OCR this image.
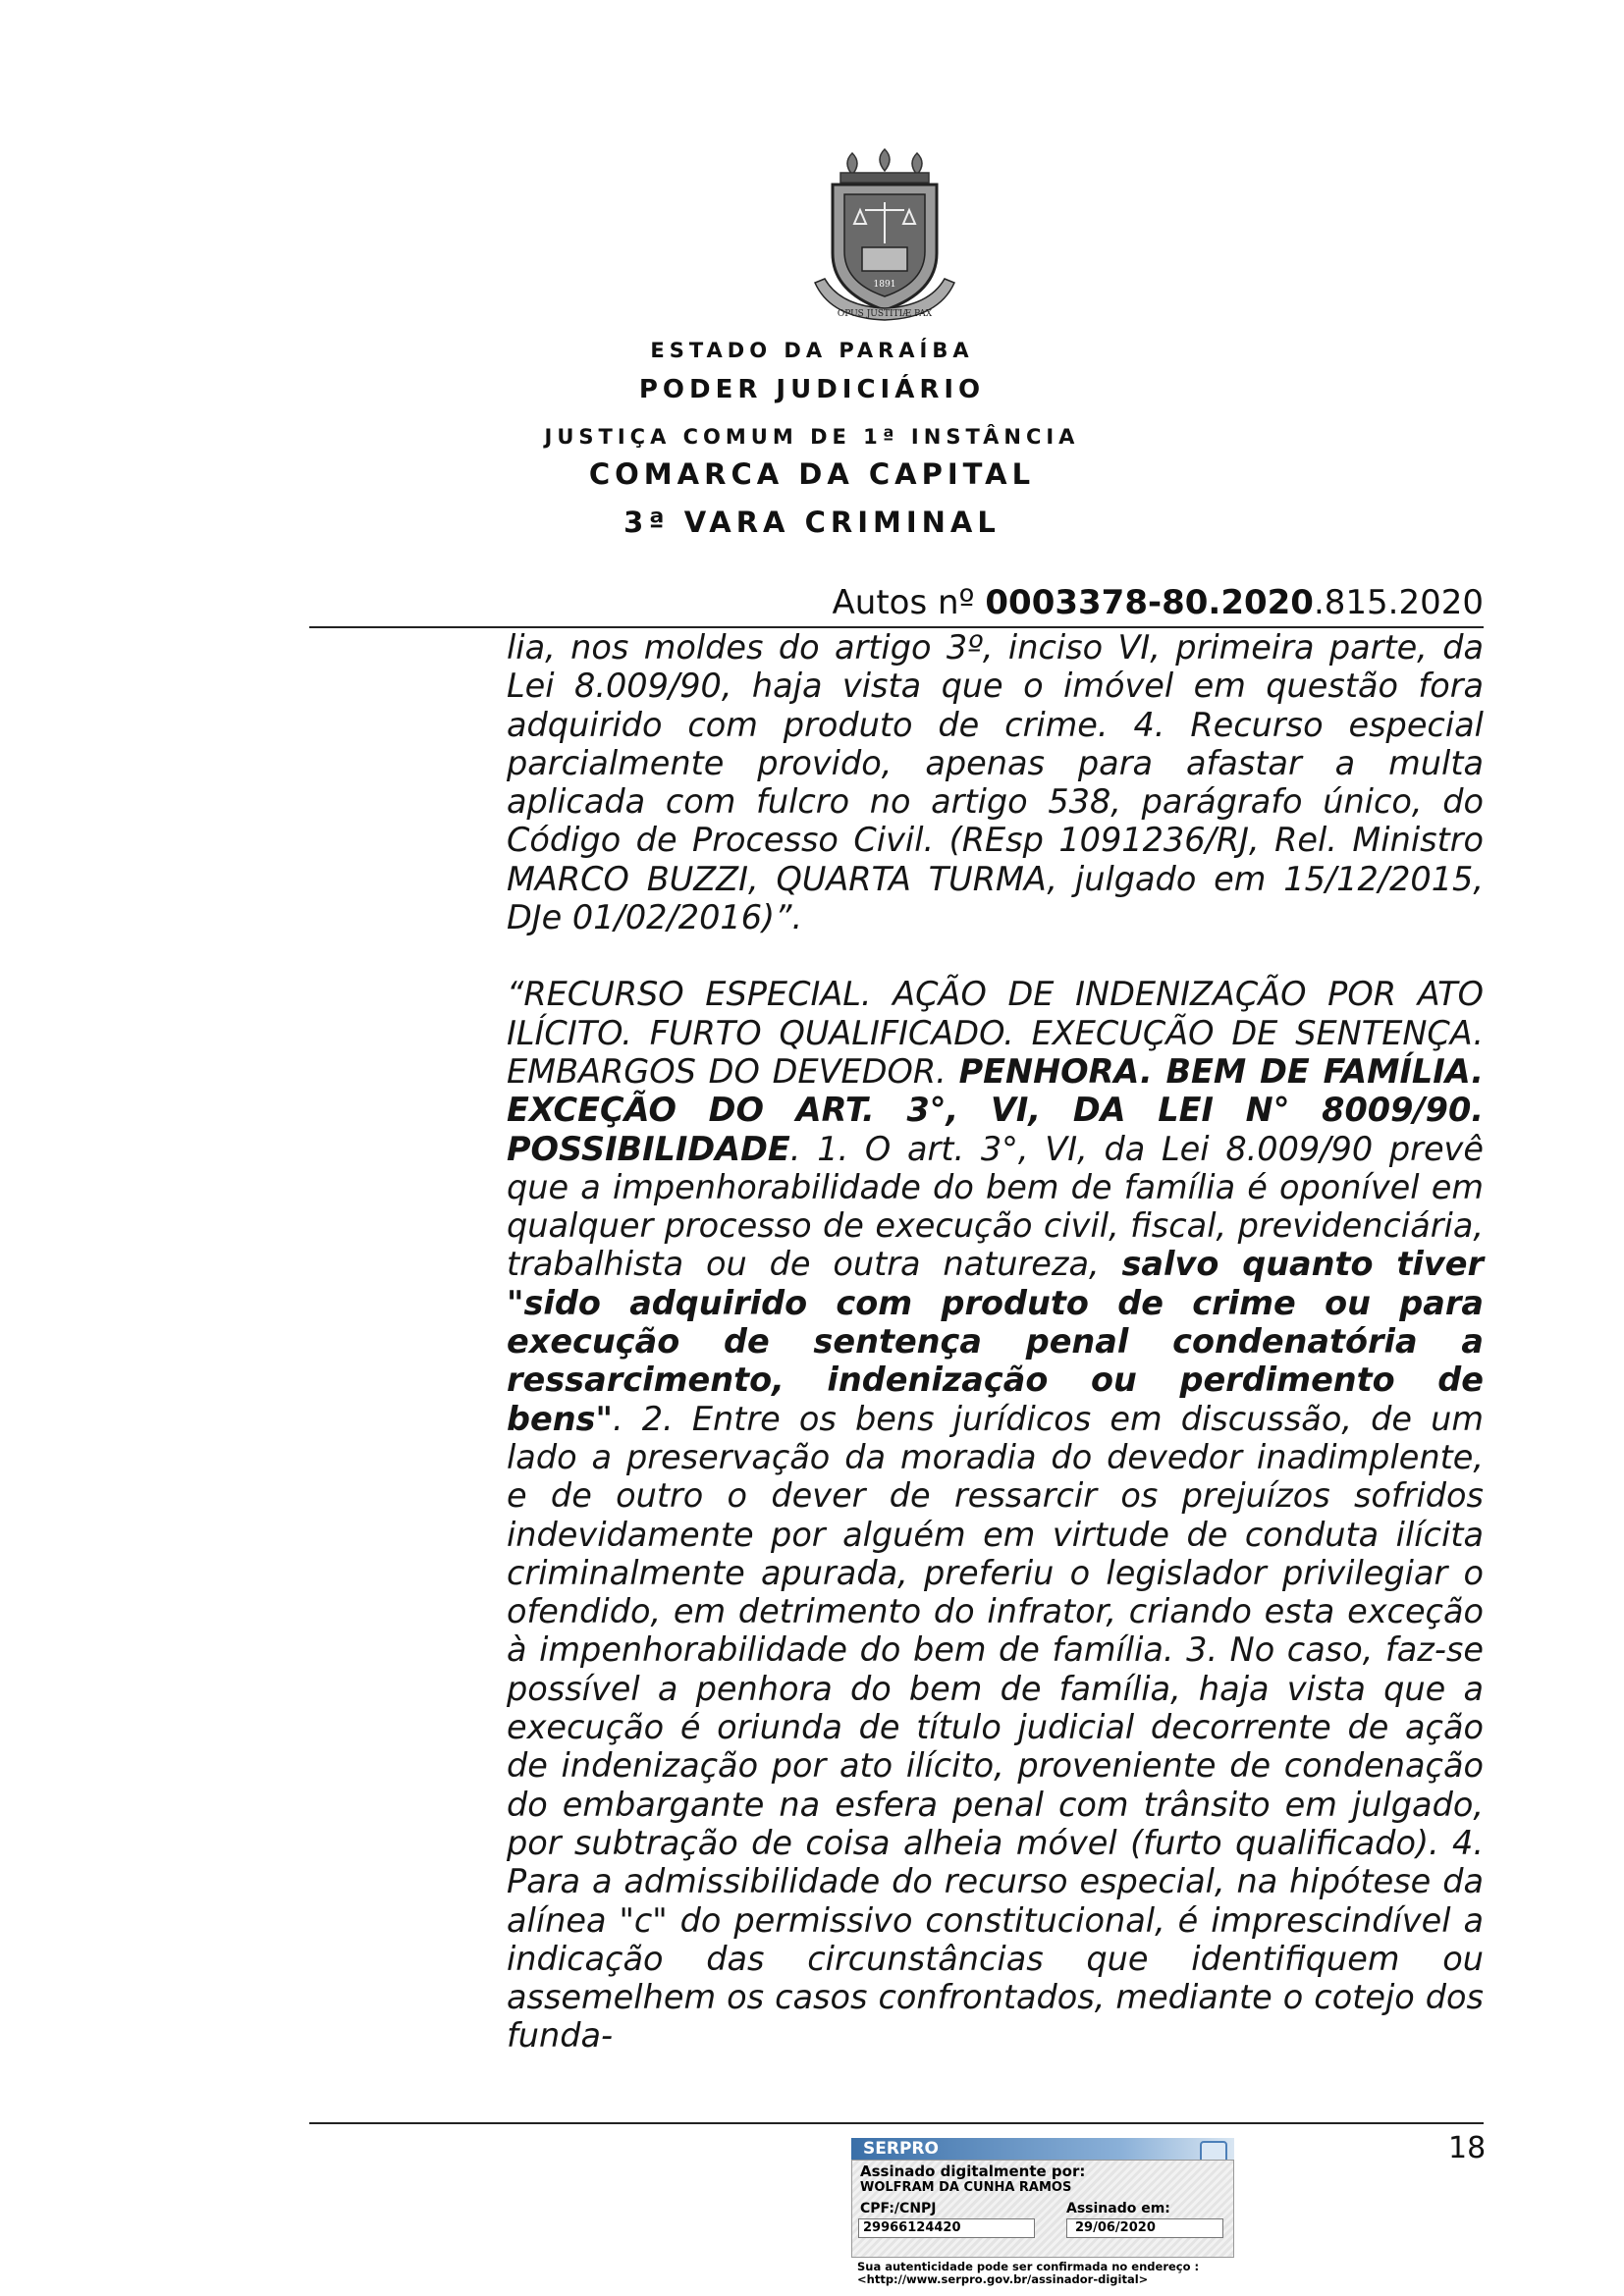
1891
OPUS JUSTITIÆ PAX
ESTADO DA PARAÍBA
PODER JUDICIÁRIO
JUSTIÇA COMUM DE 1ª INSTÂNCIA
COMARCA DA CAPITAL
3ª VARA CRIMINAL
Autos nº 0003378-80.2020.815.2020

lia, nos moldes do artigo 3º, inciso VI, primeira parte, da Lei 8.009/90, haja vista que o imóvel em questão fora adquirido com produto de crime. 4. Recurso especial parcialmente provido, apenas para afastar a multa aplicada com fulcro no artigo 538, parágrafo único, do Código de Processo Civil. (REsp 1091236/RJ, Rel. Ministro MARCO BUZZI, QUARTA TURMA, julgado em 15/12/2015, DJe 01/02/2016)”.

“RECURSO ESPECIAL. AÇÃO DE INDENIZAÇÃO POR ATO ILÍCITO. FURTO QUALIFICADO. EXECUÇÃO DE SENTENÇA. EMBARGOS DO DEVEDOR. PENHORA. BEM DE FAMÍLIA. EXCEÇÃO DO ART. 3°, VI, DA LEI N° 8009/90. POSSIBILIDADE. 1. O art. 3°, VI, da Lei 8.009/90 prevê que a impenhorabilidade do bem de família é oponível em qualquer processo de execução civil, fiscal, previdenciária, trabalhista ou de outra natureza, salvo quanto tiver "sido adquirido com produto de crime ou para execução de sentença penal condenatória a ressarcimento, indenização ou perdimento de bens". 2. Entre os bens jurídicos em discussão, de um lado a preservação da moradia do devedor inadimplente, e de outro o dever de ressarcir os prejuízos sofridos indevidamente por alguém em virtude de conduta ilícita criminalmente apurada, preferiu o legislador privilegiar o ofendido, em detrimento do infrator, criando esta exceção à impenhorabilidade do bem de família. 3. No caso, faz-se possível a penhora do bem de família, haja vista que a execução é oriunda de título judicial decorrente de ação de indenização por ato ilícito, proveniente de condenação do embargante na esfera penal com trânsito em julgado, por subtração de coisa alheia móvel (furto qualificado). 4. Para a admissibilidade do recurso especial, na hipótese da alínea "c" do permissivo constitucional, é imprescindível a indicação das circunstâncias que identifiquem ou assemelhem os casos confrontados, mediante o cotejo dos funda-

18
SERPRO
Assinado digitalmente por:
WOLFRAM DA CUNHA RAMOS
CPF:/CNPJ	Assinado em:
29966124420	29/06/2020
Sua autenticidade pode ser confirmada no endereço :
<http://www.serpro.gov.br/assinador-digital>
